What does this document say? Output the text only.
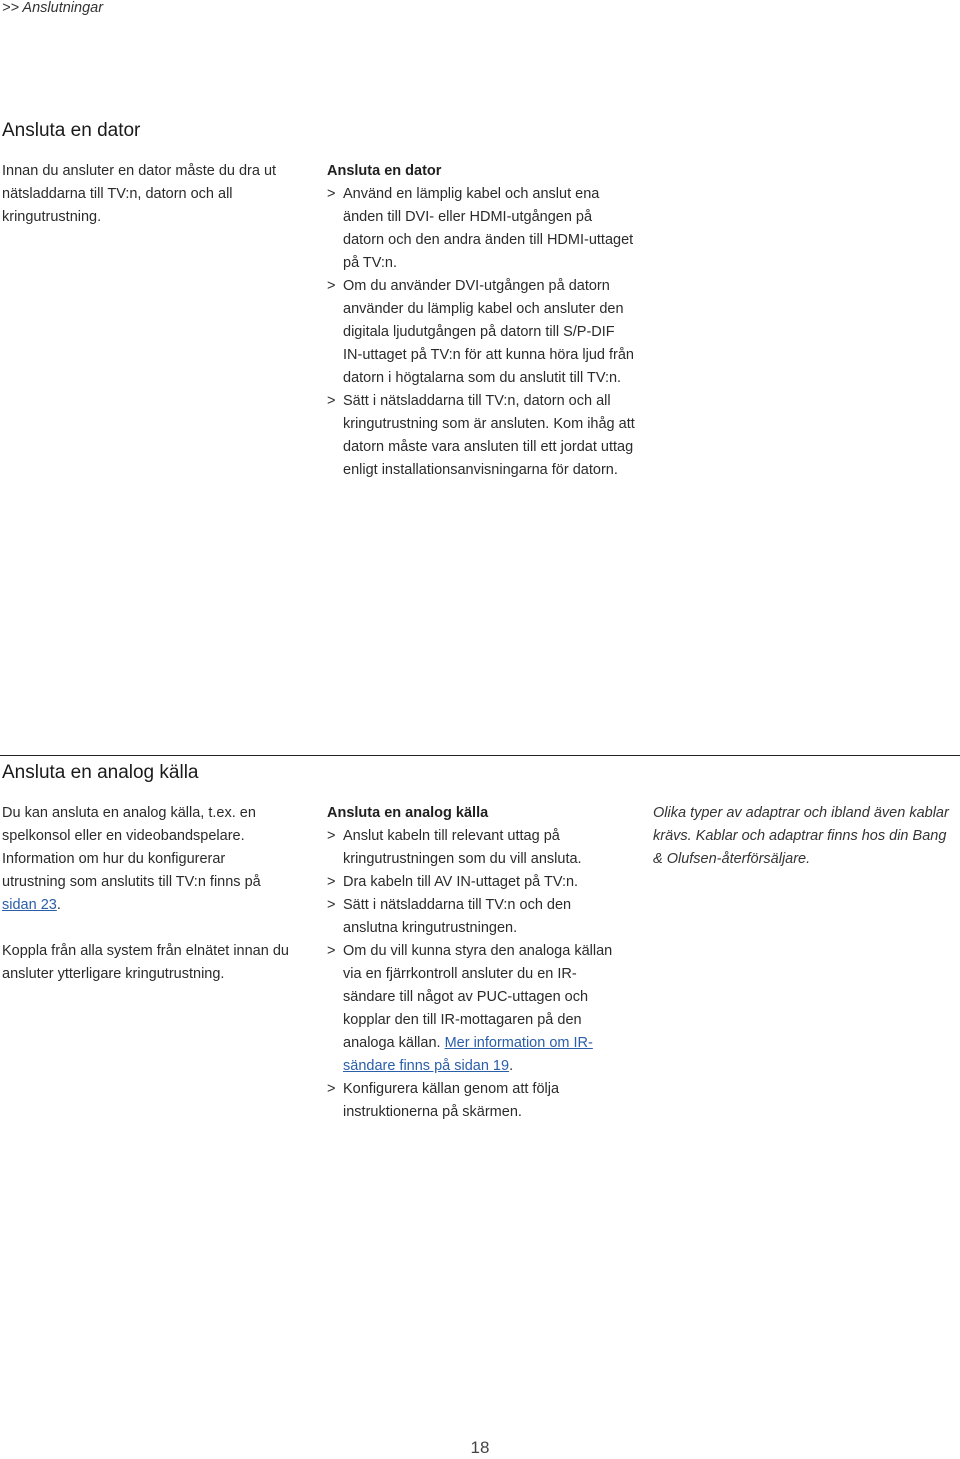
>> Anslutningar
Ansluta en dator

Innan du ansluter en dator måste du dra ut nätsladdarna till TV:n, datorn och all kringutrustning.

Ansluta en dator

> Använd en lämplig kabel och anslut ena änden till DVI- eller HDMI-utgången på datorn och den andra änden till HDMI-uttaget på TV:n.
> Om du använder DVI-utgången på datorn använder du lämplig kabel och ansluter den digitala ljudutgången på datorn till S/P-DIF IN-uttaget på TV:n för att kunna höra ljud från datorn i högtalarna som du anslutit till TV:n.
> Sätt i nätsladdarna till TV:n, datorn och all kringutrustning som är ansluten. Kom ihåg att datorn måste vara ansluten till ett jordat uttag enligt installationsanvisningarna för datorn.
Ansluta en analog källa

Du kan ansluta en analog källa, t.ex. en spelkonsol eller en videobandspelare. Information om hur du konfigurerar utrustning som anslutits till TV:n finns på sidan 23.

Koppla från alla system från elnätet innan du ansluter ytterligare kringutrustning.

Ansluta en analog källa

> Anslut kabeln till relevant uttag på kringutrustningen som du vill ansluta.
> Dra kabeln till AV IN-uttaget på TV:n.
> Sätt i nätsladdarna till TV:n och den anslutna kringutrustningen.
> Om du vill kunna styra den analoga källan via en fjärrkontroll ansluter du en IR-sändare till något av PUC-uttagen och kopplar den till IR-mottagaren på den analoga källan. Mer information om IR-sändare finns på sidan 19.
> Konfigurera källan genom att följa instruktionerna på skärmen.

Olika typer av adaptrar och ibland även kablar krävs. Kablar och adaptrar finns hos din Bang & Olufsen-återförsäljare.

18
